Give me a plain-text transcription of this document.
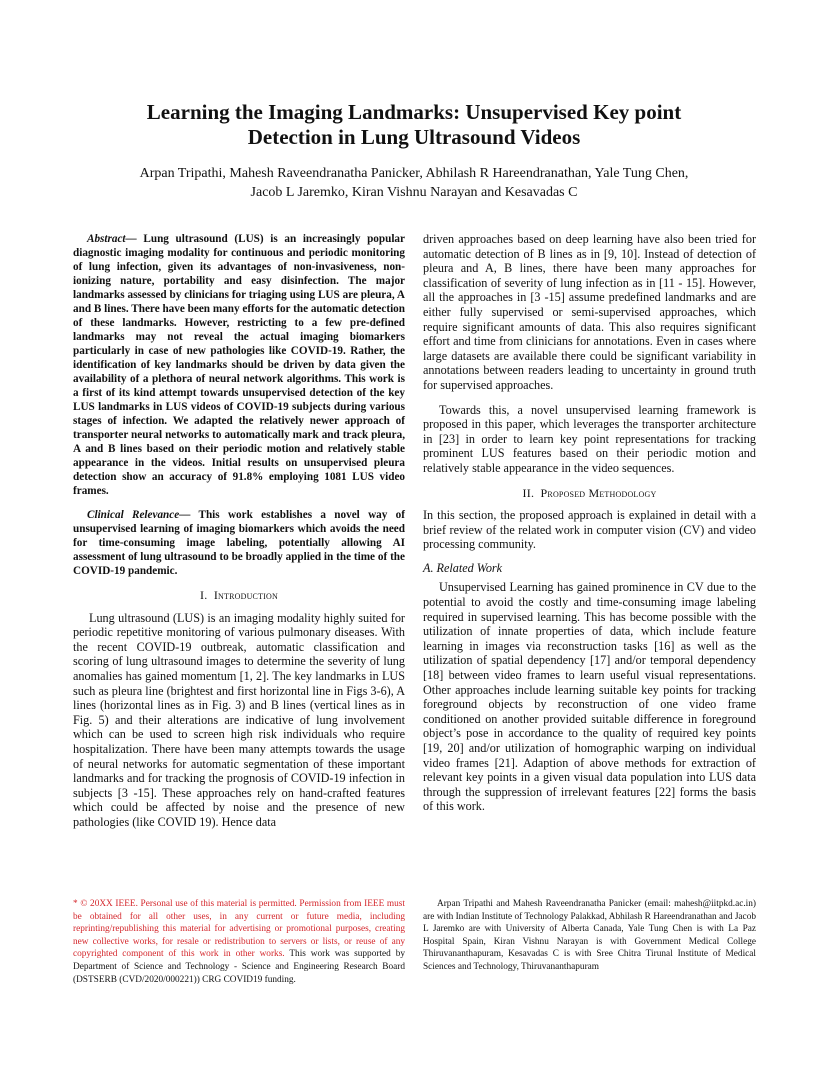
Learning the Imaging Landmarks: Unsupervised Key point
Detection in Lung Ultrasound Videos
Arpan Tripathi, Mahesh Raveendranatha Panicker, Abhilash R Hareendranathan, Yale Tung Chen,
Jacob L Jaremko, Kiran Vishnu Narayan and Kesavadas C

Abstract— Lung ultrasound (LUS) is an increasingly popular diagnostic imaging modality for continuous and periodic monitoring of lung infection, given its advantages of non-invasiveness, non-ionizing nature, portability and easy disinfection. The major landmarks assessed by clinicians for triaging using LUS are pleura, A and B lines. There have been many efforts for the automatic detection of these landmarks. However, restricting to a few pre-defined landmarks may not reveal the actual imaging biomarkers particularly in case of new pathologies like COVID-19. Rather, the identification of key landmarks should be driven by data given the availability of a plethora of neural network algorithms. This work is a first of its kind attempt towards unsupervised detection of the key LUS landmarks in LUS videos of COVID-19 subjects during various stages of infection. We adapted the relatively newer approach of transporter neural networks to automatically mark and track pleura, A and B lines based on their periodic motion and relatively stable appearance in the videos. Initial results on unsupervised pleura detection show an accuracy of 91.8% employing 1081 LUS video frames.

Clinical Relevance— This work establishes a novel way of unsupervised learning of imaging biomarkers which avoids the need for time-consuming image labeling, potentially allowing AI assessment of lung ultrasound to be broadly applied in the time of the COVID-19 pandemic.

I. Introduction

Lung ultrasound (LUS) is an imaging modality highly suited for periodic repetitive monitoring of various pulmonary diseases. With the recent COVID-19 outbreak, automatic classification and scoring of lung ultrasound images to determine the severity of lung anomalies has gained momentum [1, 2]. The key landmarks in LUS such as pleura line (brightest and first horizontal line in Figs 3-6), A lines (horizontal lines as in Fig. 3) and B lines (vertical lines as in Fig. 5) and their alterations are indicative of lung involvement which can be used to screen high risk individuals who require hospitalization. There have been many attempts towards the usage of neural networks for automatic segmentation of these important landmarks and for tracking the prognosis of COVID-19 infection in subjects [3 -15]. These approaches rely on hand-crafted features which could be affected by noise and the presence of new pathologies (like COVID 19). Hence data

driven approaches based on deep learning have also been tried for automatic detection of B lines as in [9, 10]. Instead of detection of pleura and A, B lines, there have been many approaches for classification of severity of lung infection as in [11 - 15]. However, all the approaches in [3 -15] assume predefined landmarks and are either fully supervised or semi-supervised approaches, which require significant amounts of data. This also requires significant effort and time from clinicians for annotations. Even in cases where large datasets are available there could be significant variability in annotations between readers leading to uncertainty in ground truth for supervised approaches.

Towards this, a novel unsupervised learning framework is proposed in this paper, which leverages the transporter architecture in [23] in order to learn key point representations for tracking prominent LUS features based on their periodic motion and relatively stable appearance in the video sequences.

II. Proposed Methodology

In this section, the proposed approach is explained in detail with a brief review of the related work in computer vision (CV) and video processing community.

A. Related Work

Unsupervised Learning has gained prominence in CV due to the potential to avoid the costly and time-consuming image labeling required in supervised learning. This has become possible with the utilization of innate properties of data, which include feature learning in images via reconstruction tasks [16] as well as the utilization of spatial dependency [17] and/or temporal dependency [18] between video frames to learn useful visual representations. Other approaches include learning suitable key points for tracking foreground objects by reconstruction of one video frame conditioned on another provided suitable difference in foreground object’s pose in accordance to the quality of required key points [19, 20] and/or utilization of homographic warping on individual video frames [21]. Adaption of above methods for extraction of relevant key points in a given visual data population into LUS data through the suppression of irrelevant features [22] forms the basis of this work.

* © 20XX IEEE. Personal use of this material is permitted. Permission from IEEE must be obtained for all other uses, in any current or future media, including reprinting/republishing this material for advertising or promotional purposes, creating new collective works, for resale or redistribution to servers or lists, or reuse of any copyrighted component of this work in other works. This work was supported by Department of Science and Technology - Science and Engineering Research Board (DSTSERB (CVD/2020/000221)) CRG COVID19 funding.
Arpan Tripathi and Mahesh Raveendranatha Panicker (email: mahesh@iitpkd.ac.in) are with Indian Institute of Technology Palakkad, Abhilash R Hareendranathan and Jacob L Jaremko are with University of Alberta Canada, Yale Tung Chen is with La Paz Hospital Spain, Kiran Vishnu Narayan is with Government Medical College Thiruvananthapuram, Kesavadas C is with Sree Chitra Tirunal Institute of Medical Sciences and Technology, Thiruvananthapuram
